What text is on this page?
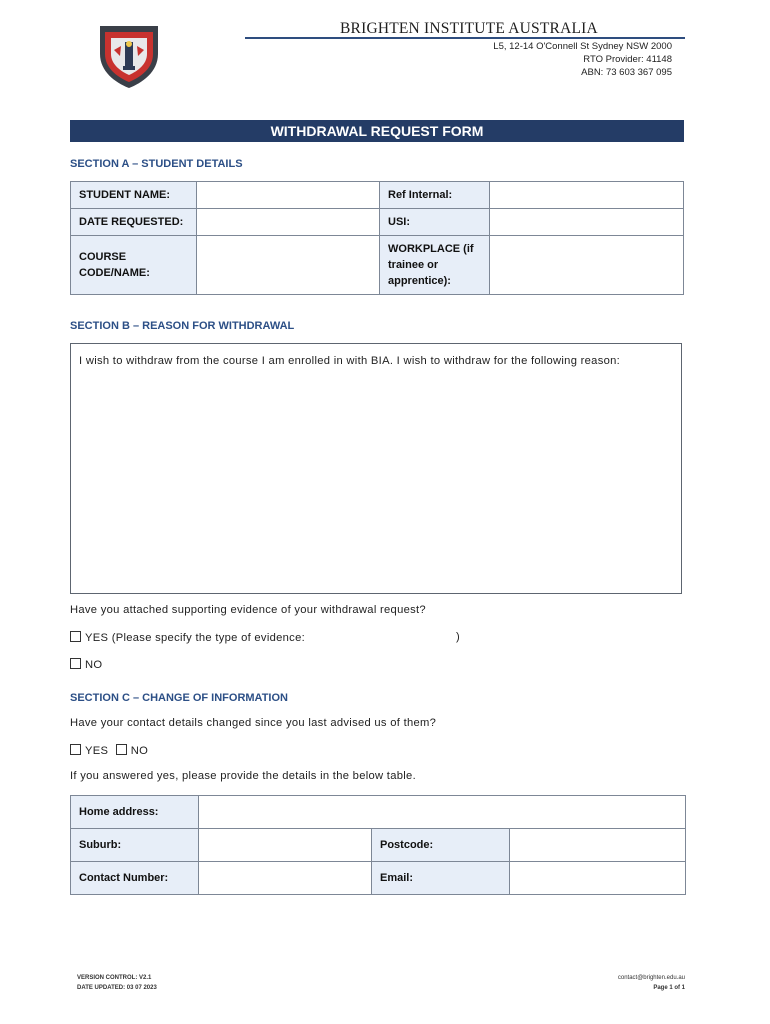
BRIGHTEN INSTITUTE AUSTRALIA
L5, 12-14 O'Connell St Sydney NSW 2000
RTO Provider: 41148
ABN: 73 603 367 095
WITHDRAWAL REQUEST FORM
SECTION A – STUDENT DETAILS
STUDENT NAME:		Ref Internal:	
DATE REQUESTED:		USI:	
COURSE CODE/NAME:		WORKPLACE (if trainee or apprentice):	
SECTION B – REASON FOR WITHDRAWAL
I wish to withdraw from the course I am enrolled in with BIA. I wish to withdraw for the following reason:
Have you attached supporting evidence of your withdrawal request?
YES (Please specify the type of evidence:	)
NO
SECTION C – CHANGE OF INFORMATION
Have your contact details changed since you last advised us of them?
YES NO
If you answered yes, please provide the details in the below table.
Home address:			
Suburb:		Postcode:	
Contact Number:		Email:	
VERSION CONTROL: V2.1
DATE UPDATED: 03 07 2023
contact@brighten.edu.au
Page 1 of 1
